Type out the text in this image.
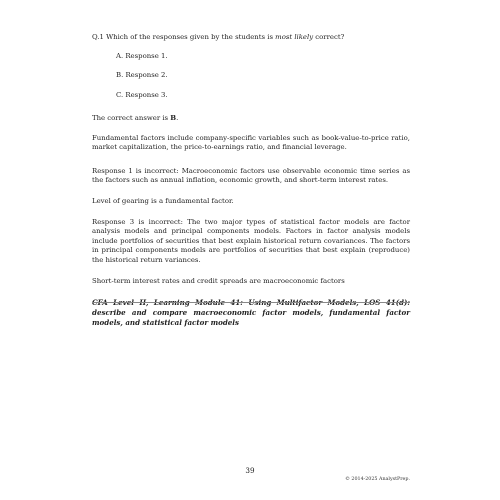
Q.1 Which of the responses given by the students is most likely correct?

A. Response 1.
B. Response 2.
C. Response 3.

The correct answer is B.

Fundamental factors include company-specific variables such as book-value-to-price ratio, market capitalization, the price-to-earnings ratio, and financial leverage.

Response 1 is incorrect: Macroeconomic factors use observable economic time series as the factors such as annual inflation, economic growth, and short-term interest rates.

Level of gearing is a fundamental factor.

Response 3 is incorrect: The two major types of statistical factor models are factor analysis models and principal components models. Factors in factor analysis models include portfolios of securities that best explain historical return covariances. The factors in principal components models are portfolios of securities that best explain (reproduce) the historical return variances.

Short-term interest rates and credit spreads are macroeconomic factors

CFA Level II, Learning Module 41: Using Multifactor Models, LOS 41(d): describe and compare macroeconomic factor models, fundamental factor models, and statistical factor models

39
© 2014-2025 AnalystPrep.
